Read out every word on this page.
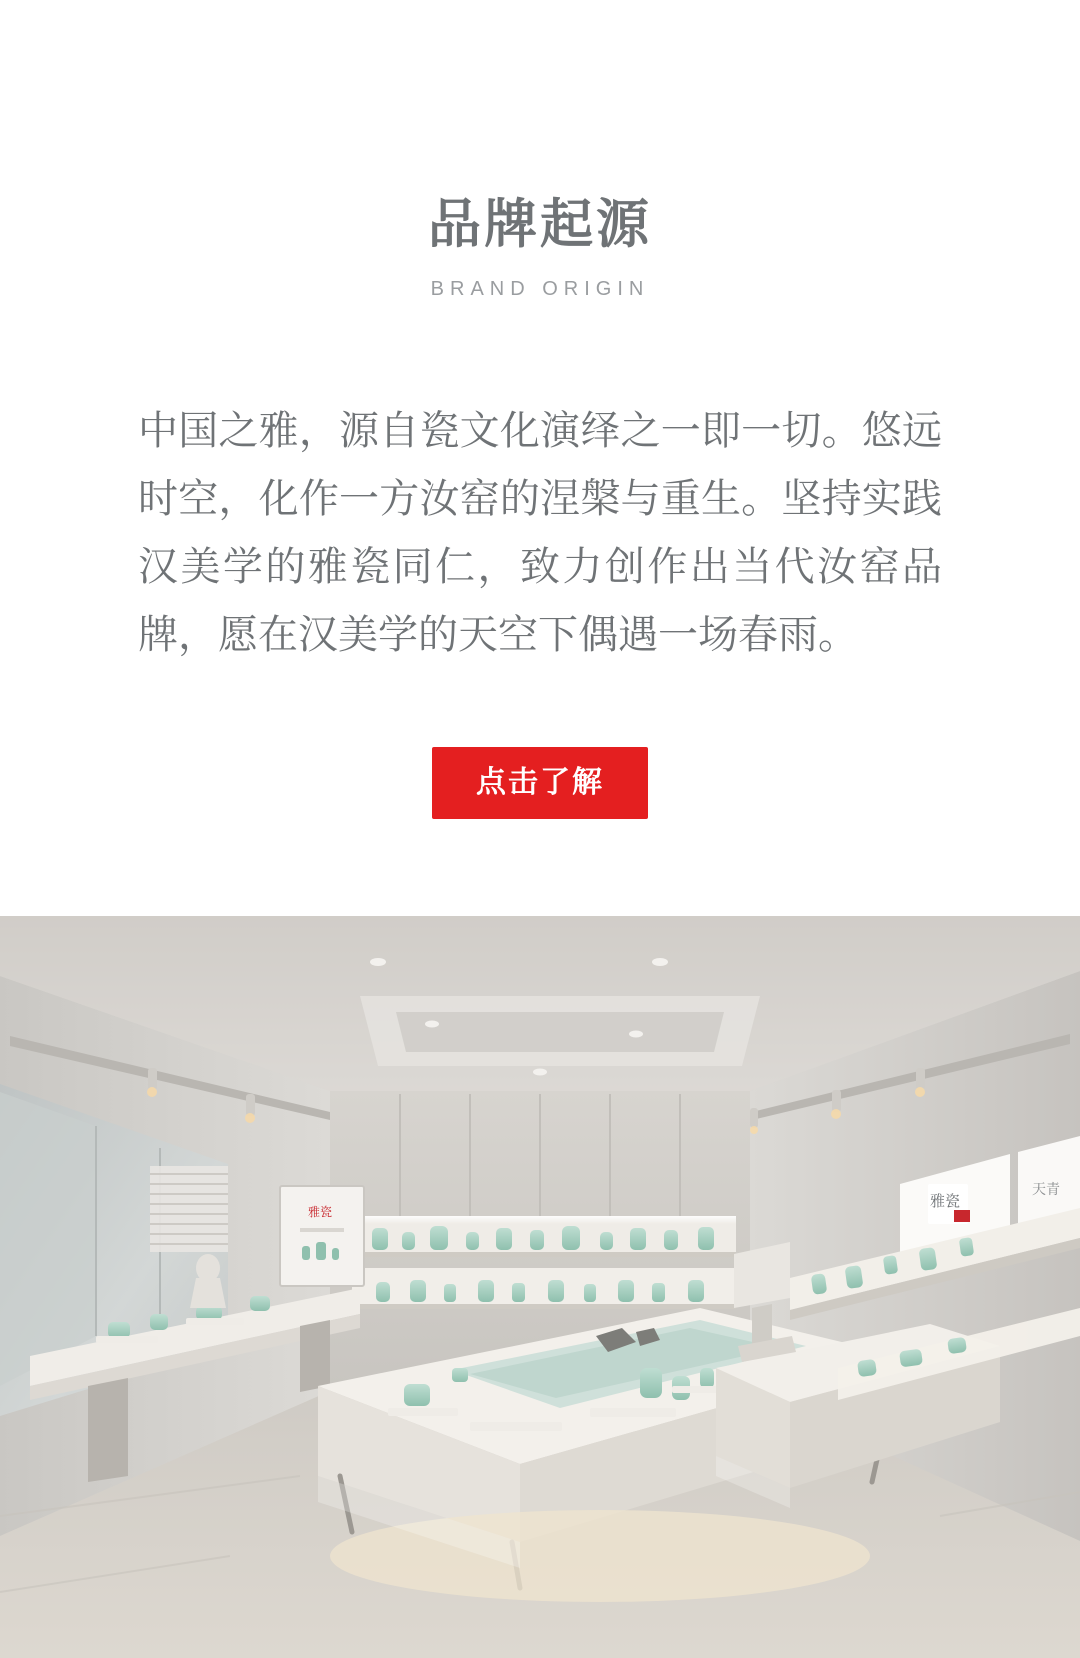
品牌起源
BRAND ORIGIN

中国之雅，源自瓷文化演绎之一即一切。悠远时空，化作一方汝窑的涅槃与重生。坚持实践汉美学的雅瓷同仁，致力创作出当代汝窑品牌，愿在汉美学的天空下偶遇一场春雨。

点击了解
雅瓷
雅瓷
天青
